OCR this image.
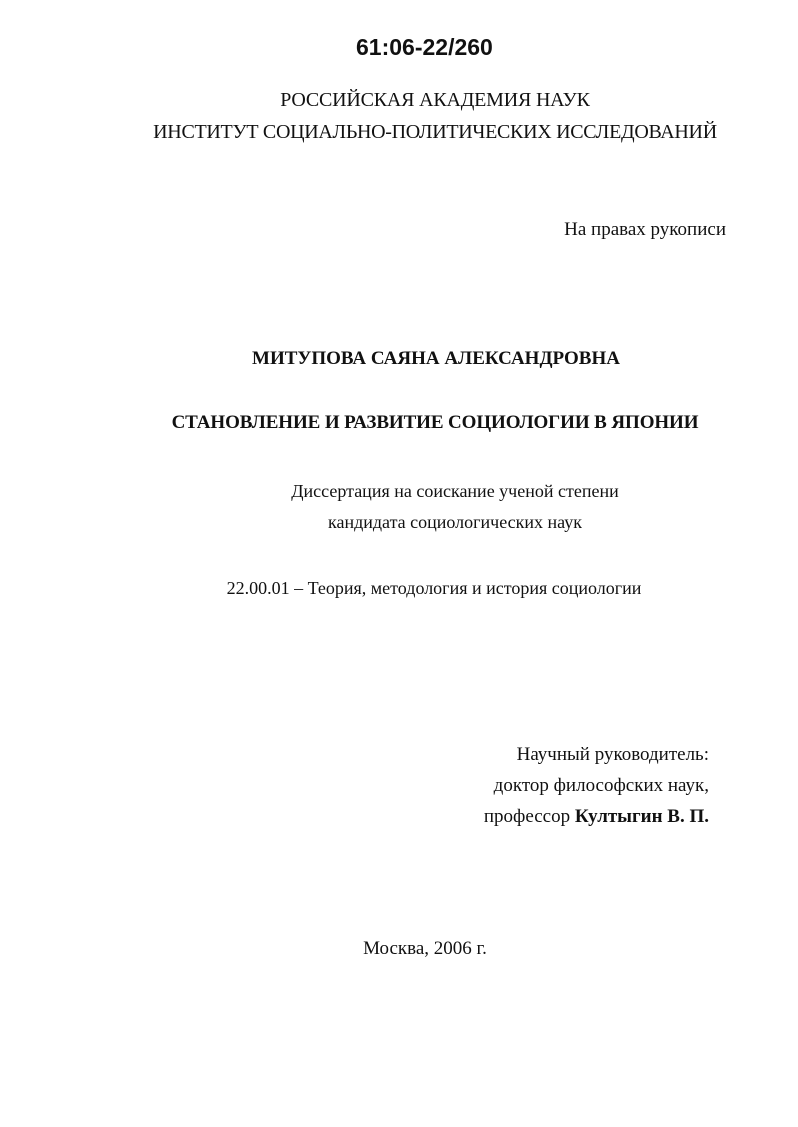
61:06-22/260
РОССИЙСКАЯ АКАДЕМИЯ НАУК
ИНСТИТУТ СОЦИАЛЬНО-ПОЛИТИЧЕСКИХ ИССЛЕДОВАНИЙ
На правах рукописи
МИТУПОВА САЯНА АЛЕКСАНДРОВНА
СТАНОВЛЕНИЕ И РАЗВИТИЕ СОЦИОЛОГИИ В ЯПОНИИ
Диссертация на соискание ученой степени
кандидата социологических наук
22.00.01 – Теория, методология и история социологии
Научный руководитель:
доктор философских наук,
профессор Култыгин В. П.
Москва, 2006 г.
